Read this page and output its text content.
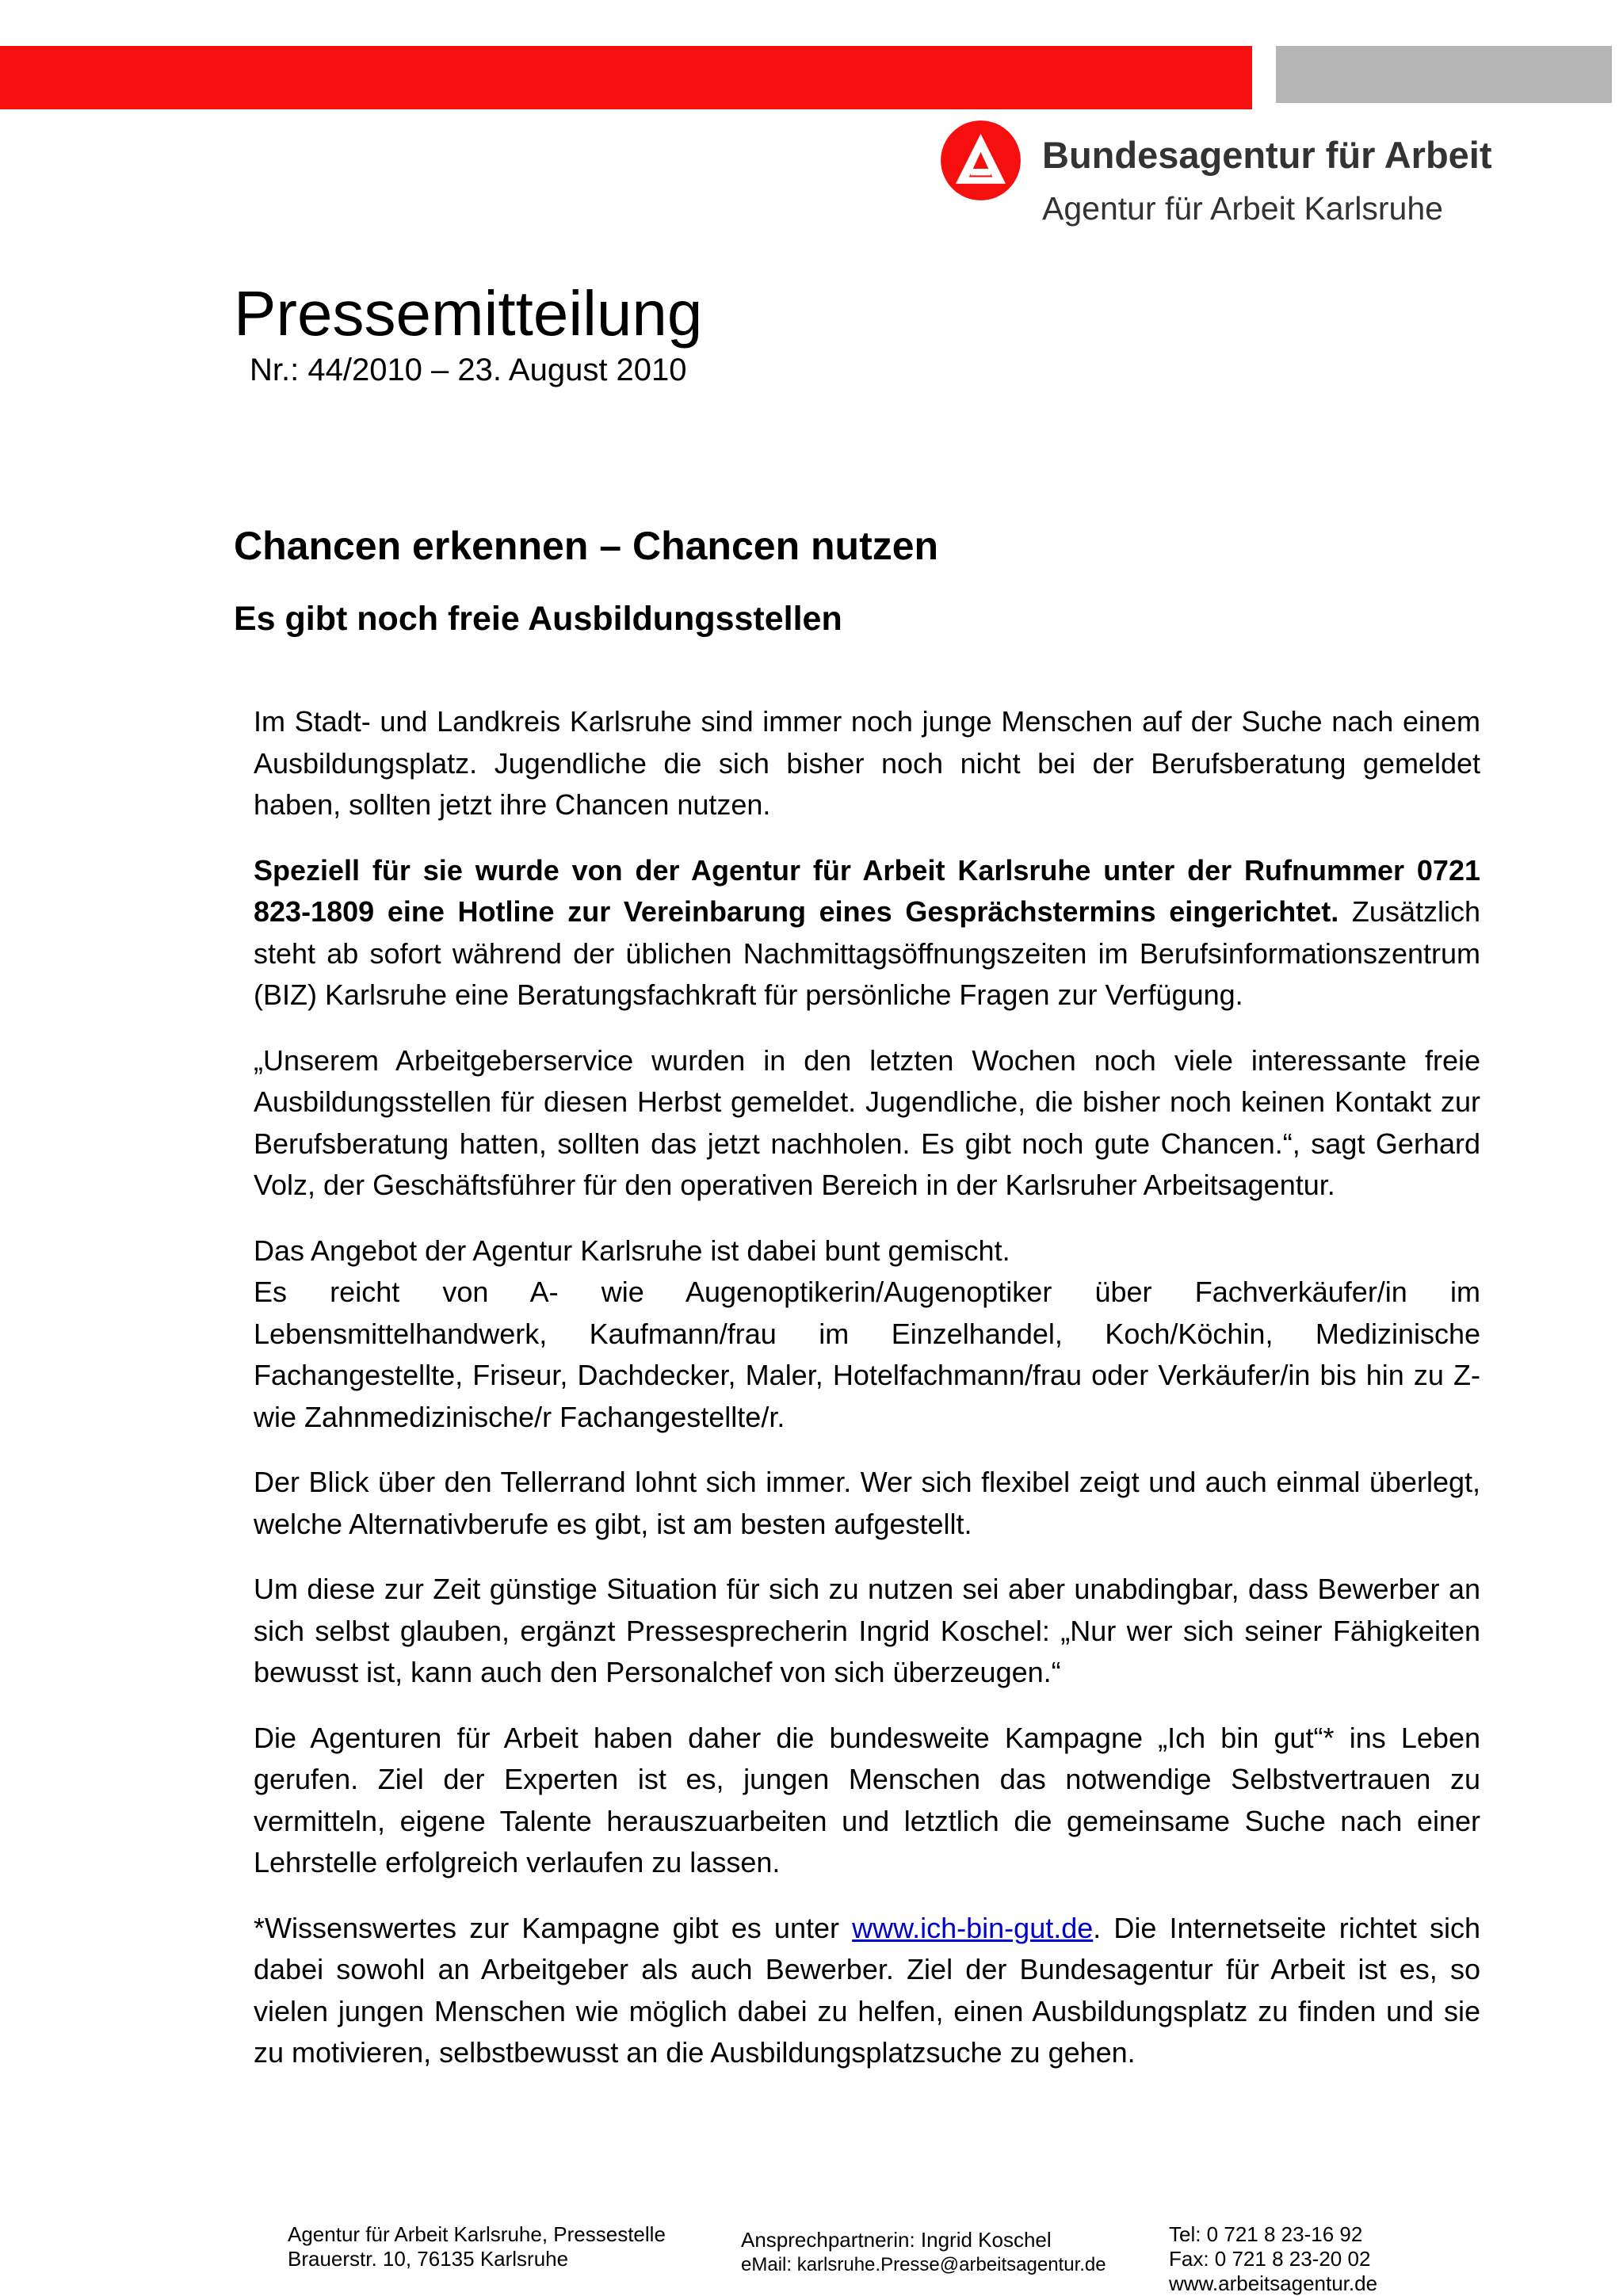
Bundesagentur für Arbeit
Agentur für Arbeit Karlsruhe
Pressemitteilung
Nr.: 44/2010 – 23. August 2010
Chancen erkennen – Chancen nutzen
Es gibt noch freie Ausbildungsstellen

Im Stadt- und Landkreis Karlsruhe sind immer noch junge Menschen auf der Suche nach einem Ausbildungsplatz. Jugendliche die sich bisher noch nicht bei der Berufsberatung gemeldet haben, sollten jetzt ihre Chancen nutzen.

Speziell für sie wurde von der Agentur für Arbeit Karlsruhe unter der Rufnummer 0721 823-1809 eine Hotline zur Vereinbarung eines Gesprächstermins eingerichtet. Zusätzlich steht ab sofort während der üblichen Nachmittagsöffnungszeiten im Berufsinformationszentrum (BIZ) Karlsruhe eine Beratungsfachkraft für persönliche Fragen zur Verfügung.

„Unserem Arbeitgeberservice wurden in den letzten Wochen noch viele interessante freie Ausbildungsstellen für diesen Herbst gemeldet. Jugendliche, die bisher noch keinen Kontakt zur Berufsberatung hatten, sollten das jetzt nachholen. Es gibt noch gute Chancen.“, sagt Gerhard Volz, der Geschäftsführer für den operativen Bereich in der Karlsruher Arbeitsagentur.

Das Angebot der Agentur Karlsruhe ist dabei bunt gemischt.
Es reicht von A- wie Augenoptikerin/Augenoptiker über Fachverkäufer/in im Lebensmittelhandwerk, Kaufmann/frau im Einzelhandel, Koch/Köchin, Medizinische Fachangestellte, Friseur, Dachdecker, Maler, Hotelfachmann/frau oder Verkäufer/in bis hin zu Z- wie Zahnmedizinische/r Fachangestellte/r.

Der Blick über den Tellerrand lohnt sich immer. Wer sich flexibel zeigt und auch einmal überlegt, welche Alternativberufe es gibt, ist am besten aufgestellt.

Um diese zur Zeit günstige Situation für sich zu nutzen sei aber unabdingbar, dass Bewerber an sich selbst glauben, ergänzt Pressesprecherin Ingrid Koschel: „Nur wer sich seiner Fähigkeiten bewusst ist, kann auch den Personalchef von sich überzeugen.“

Die Agenturen für Arbeit haben daher die bundesweite Kampagne „Ich bin gut“* ins Leben gerufen. Ziel der Experten ist es, jungen Menschen das notwendige Selbstvertrauen zu vermitteln, eigene Talente herauszuarbeiten und letztlich die gemeinsame Suche nach einer Lehrstelle erfolgreich verlaufen zu lassen.

*Wissenswertes zur Kampagne gibt es unter www.ich-bin-gut.de. Die Internetseite richtet sich dabei sowohl an Arbeitgeber als auch Bewerber. Ziel der Bundesagentur für Arbeit ist es, so vielen jungen Menschen wie möglich dabei zu helfen, einen Ausbildungsplatz zu finden und sie zu motivieren, selbstbewusst an die Ausbildungsplatzsuche zu gehen.

Agentur für Arbeit Karlsruhe, Pressestelle
Brauerstr. 10, 76135 Karlsruhe
Ansprechpartnerin: Ingrid Koschel
eMail: karlsruhe.Presse@arbeitsagentur.de
Tel: 0 721 8 23-16 92
Fax: 0 721 8 23-20 02
www.arbeitsagentur.de
